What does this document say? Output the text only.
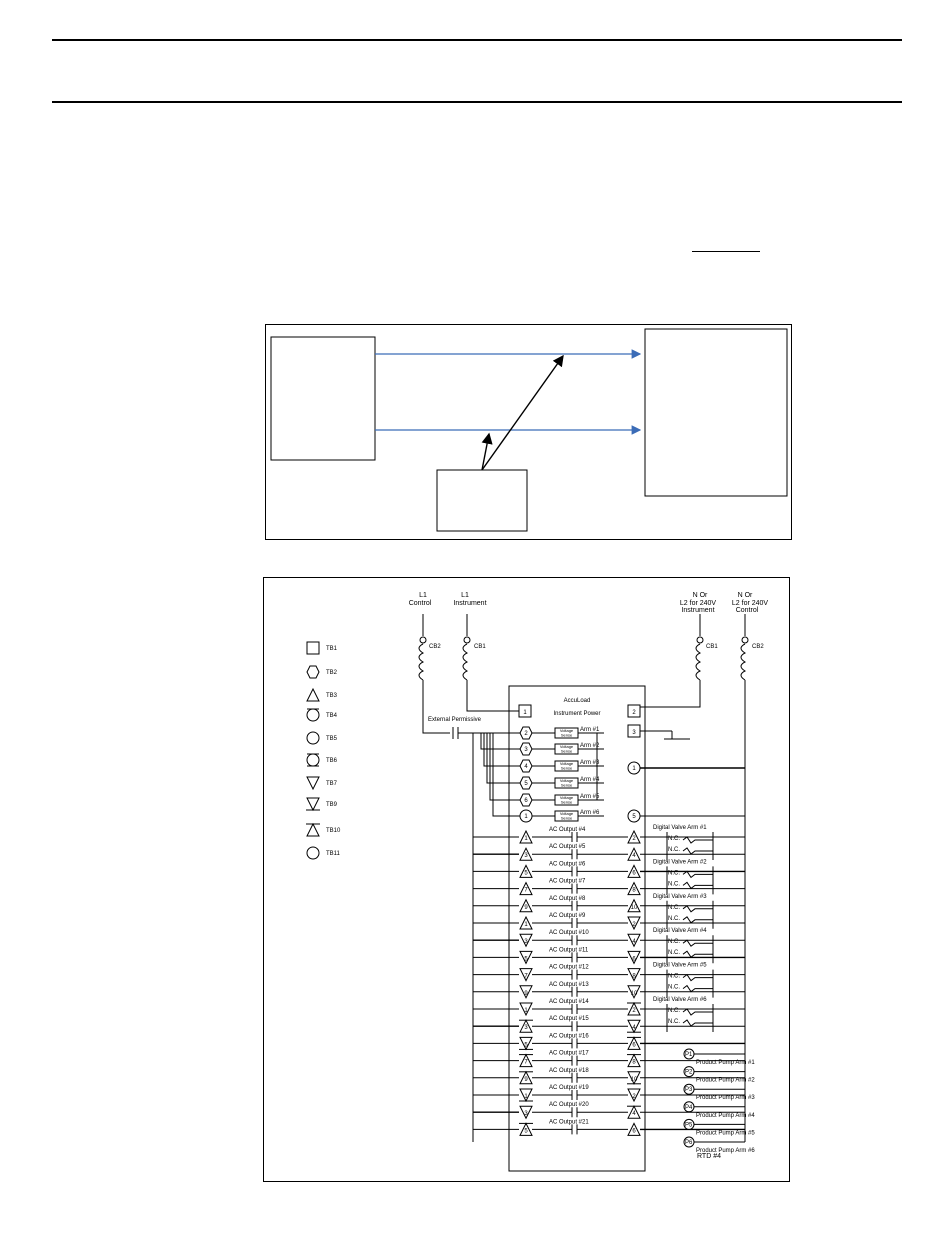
L1
Control
L1
Instrument
N Or
L2 for 240V
Instrument
N Or
L2 for 240V
Control
CB2	CB1	CB1	CB2
AccuLoad
Instrument Power
External Permissive
1	2
3
1
5
TB1
TB2
TB3
TB4
TB5
TB6
TB7
TB9
TB10
TB11
2
Voltage
Sense
Arm #1
3
Voltage
Sense
Arm #2
4
Voltage
Sense
Arm #3
5
Voltage
Sense
Arm #4
6
Voltage
Sense
Arm #5
1
Voltage
Sense
Arm #6
1	2
AC Output #4
3	4
AC Output #5
5	6
AC Output #6
7	8
AC Output #7
9	10
AC Output #8
1	2
AC Output #9
3	4
AC Output #10
5	6
AC Output #11
7	8
AC Output #12
9	10
AC Output #13
1	2
AC Output #14
3	4
AC Output #15
5	6
AC Output #16
7	8
AC Output #17
9	10
AC Output #18
1	2
AC Output #19
3	4
AC Output #20
5	6
AC Output #21
Digital Valve Arm #1
N.C.
N.C.
Digital Valve Arm #2
N.C.
N.C.
Digital Valve Arm #3
N.C.
N.C.
Digital Valve Arm #4
N.C.
N.C.
Digital Valve Arm #5
N.C.
N.C.
Digital Valve Arm #6
N.C.
N.C.
P1
Product Pump Arm #1
P2
Product Pump Arm #2
P3
Product Pump Arm #3
P4
Product Pump Arm #4
P5
Product Pump Arm #5
P6
Product Pump Arm #6
RTD #4
